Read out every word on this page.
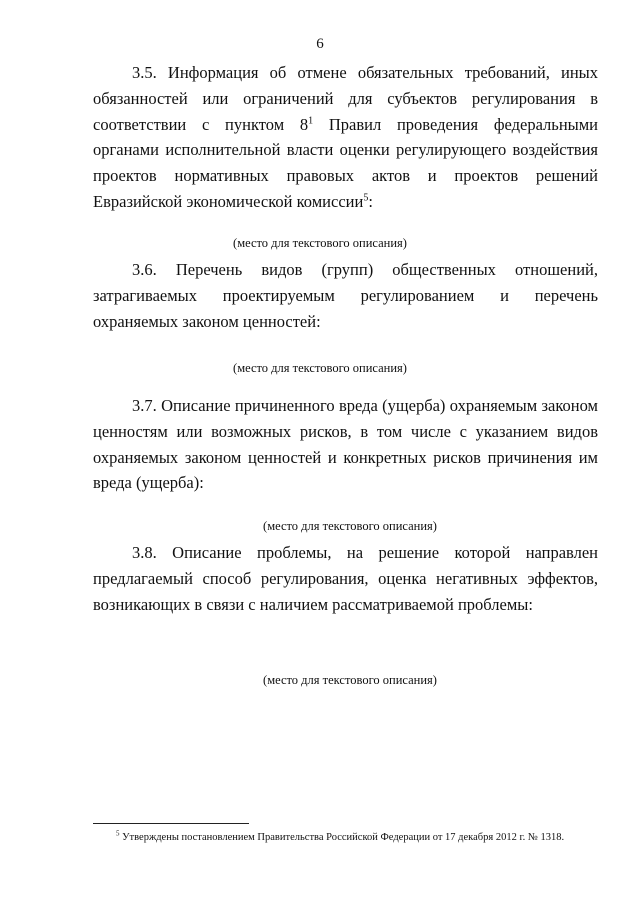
6

3.5. Информация об отмене обязательных требований, иных обязанностей или ограничений для субъектов регулирования в соответствии с пунктом $8^1$ Правил проведения федеральными органами исполнительной власти оценки регулирующего воздействия проектов нормативных правовых актов и проектов решений Евразийской экономической комиссии$^5$:

(место для текстового описания)

3.6. Перечень видов (групп) общественных отношений, затрагиваемых проектируемым регулированием и перечень охраняемых законом ценностей:

(место для текстового описания)

3.7. Описание причиненного вреда (ущерба) охраняемым законом ценностям или возможных рисков, в том числе с указанием видов охраняемых законом ценностей и конкретных рисков причинения им вреда (ущерба):

(место для текстового описания)

3.8. Описание проблемы, на решение которой направлен предлагаемый способ регулирования, оценка негативных эффектов, возникающих в связи с наличием рассматриваемой проблемы:

(место для текстового описания)
$^5$ Утверждены постановлением Правительства Российской Федерации от 17 декабря 2012 г. № 1318.
